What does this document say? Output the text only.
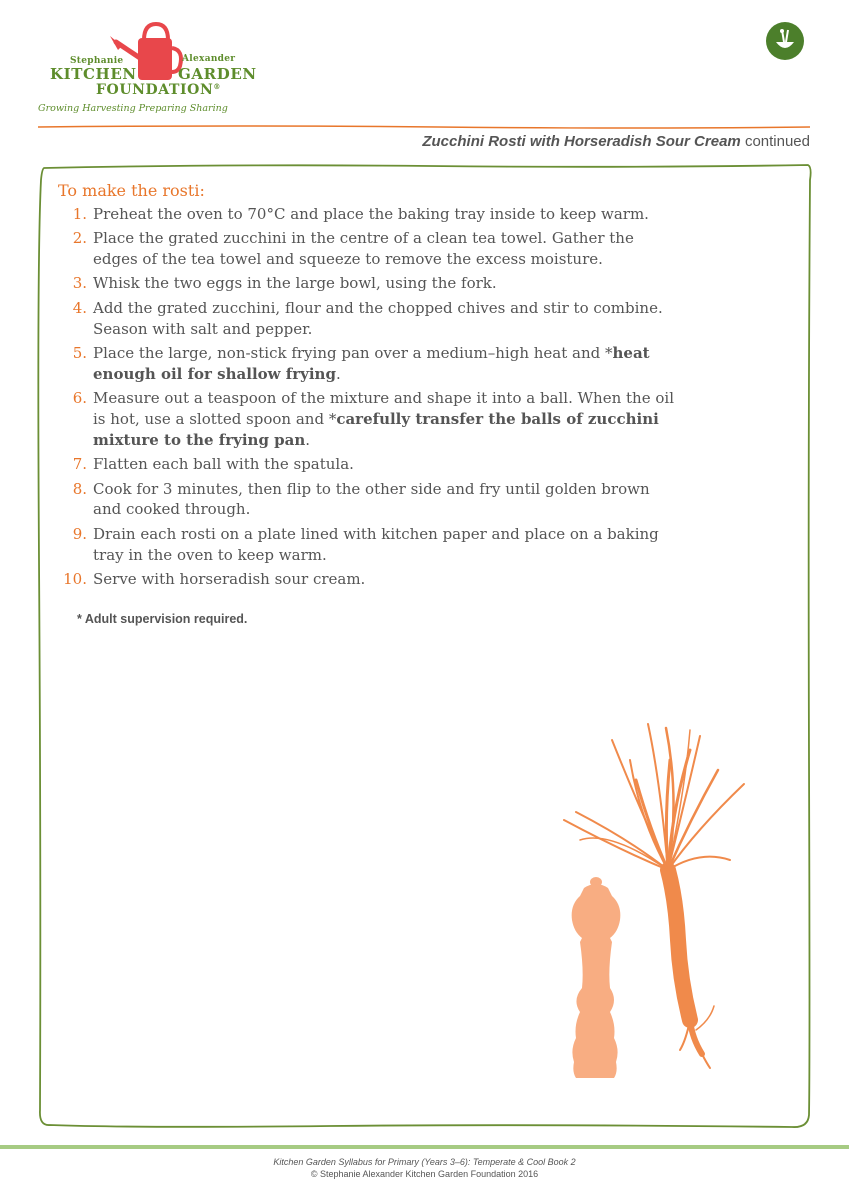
Stephanie	Alexander
KITCHEN	GARDEN
FOUNDATION®
Growing Harvesting Preparing Sharing
Zucchini Rosti with Horseradish Sour Cream continued
To make the rosti:
1. Preheat the oven to 70°C and place the baking tray inside to keep warm.
2. Place the grated zucchini in the centre of a clean tea towel. Gather the edges of the tea towel and squeeze to remove the excess moisture.
3. Whisk the two eggs in the large bowl, using the fork.
4. Add the grated zucchini, flour and the chopped chives and stir to combine. Season with salt and pepper.
5. Place the large, non-stick frying pan over a medium–high heat and *heat enough oil for shallow frying.
6. Measure out a teaspoon of the mixture and shape it into a ball. When the oil is hot, use a slotted spoon and *carefully transfer the balls of zucchini mixture to the frying pan.
7. Flatten each ball with the spatula.
8. Cook for 3 minutes, then flip to the other side and fry until golden brown and cooked through.
9. Drain each rosti on a plate lined with kitchen paper and place on a baking tray in the oven to keep warm.
10. Serve with horseradish sour cream.
* Adult supervision required.
Kitchen Garden Syllabus for Primary (Years 3–6): Temperate & Cool Book 2
© Stephanie Alexander Kitchen Garden Foundation 2016
